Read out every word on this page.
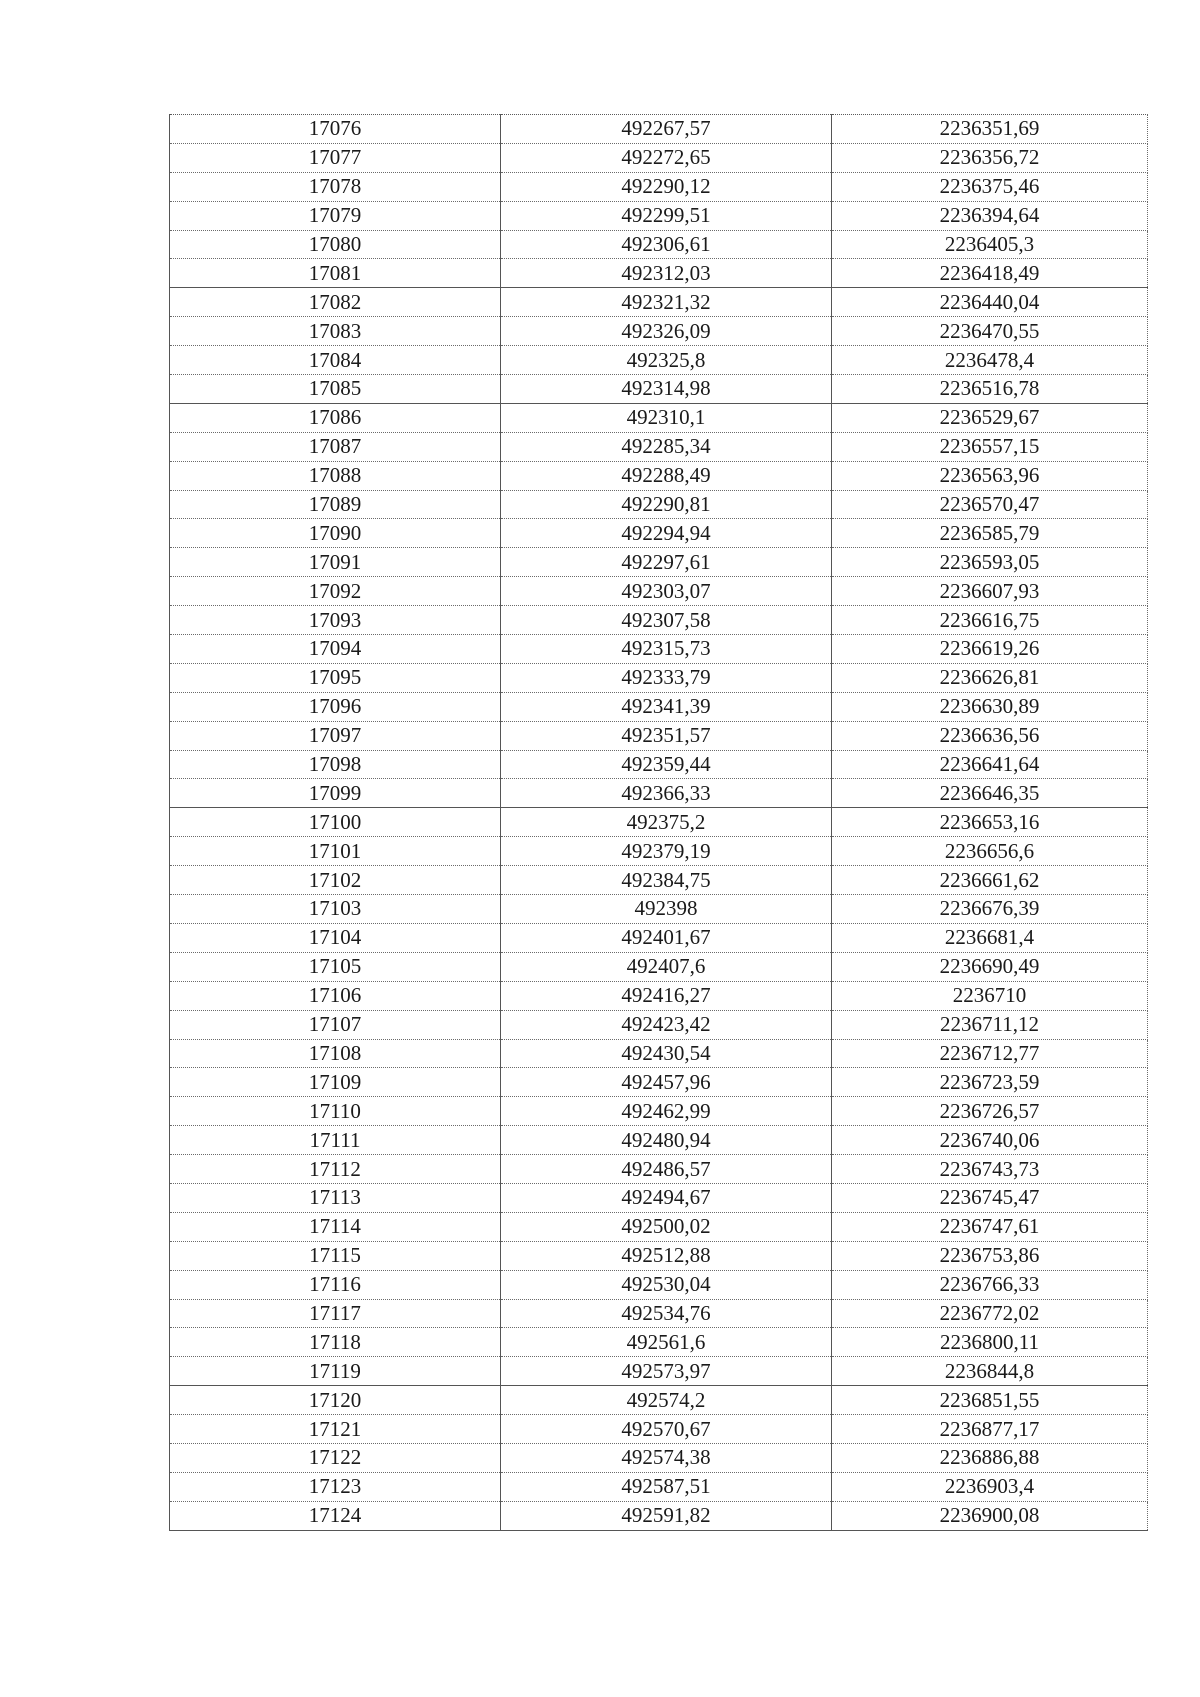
17076	492267,57	2236351,69
17077	492272,65	2236356,72
17078	492290,12	2236375,46
17079	492299,51	2236394,64
17080	492306,61	2236405,3
17081	492312,03	2236418,49
17082	492321,32	2236440,04
17083	492326,09	2236470,55
17084	492325,8	2236478,4
17085	492314,98	2236516,78
17086	492310,1	2236529,67
17087	492285,34	2236557,15
17088	492288,49	2236563,96
17089	492290,81	2236570,47
17090	492294,94	2236585,79
17091	492297,61	2236593,05
17092	492303,07	2236607,93
17093	492307,58	2236616,75
17094	492315,73	2236619,26
17095	492333,79	2236626,81
17096	492341,39	2236630,89
17097	492351,57	2236636,56
17098	492359,44	2236641,64
17099	492366,33	2236646,35
17100	492375,2	2236653,16
17101	492379,19	2236656,6
17102	492384,75	2236661,62
17103	492398	2236676,39
17104	492401,67	2236681,4
17105	492407,6	2236690,49
17106	492416,27	2236710
17107	492423,42	2236711,12
17108	492430,54	2236712,77
17109	492457,96	2236723,59
17110	492462,99	2236726,57
17111	492480,94	2236740,06
17112	492486,57	2236743,73
17113	492494,67	2236745,47
17114	492500,02	2236747,61
17115	492512,88	2236753,86
17116	492530,04	2236766,33
17117	492534,76	2236772,02
17118	492561,6	2236800,11
17119	492573,97	2236844,8
17120	492574,2	2236851,55
17121	492570,67	2236877,17
17122	492574,38	2236886,88
17123	492587,51	2236903,4
17124	492591,82	2236900,08
